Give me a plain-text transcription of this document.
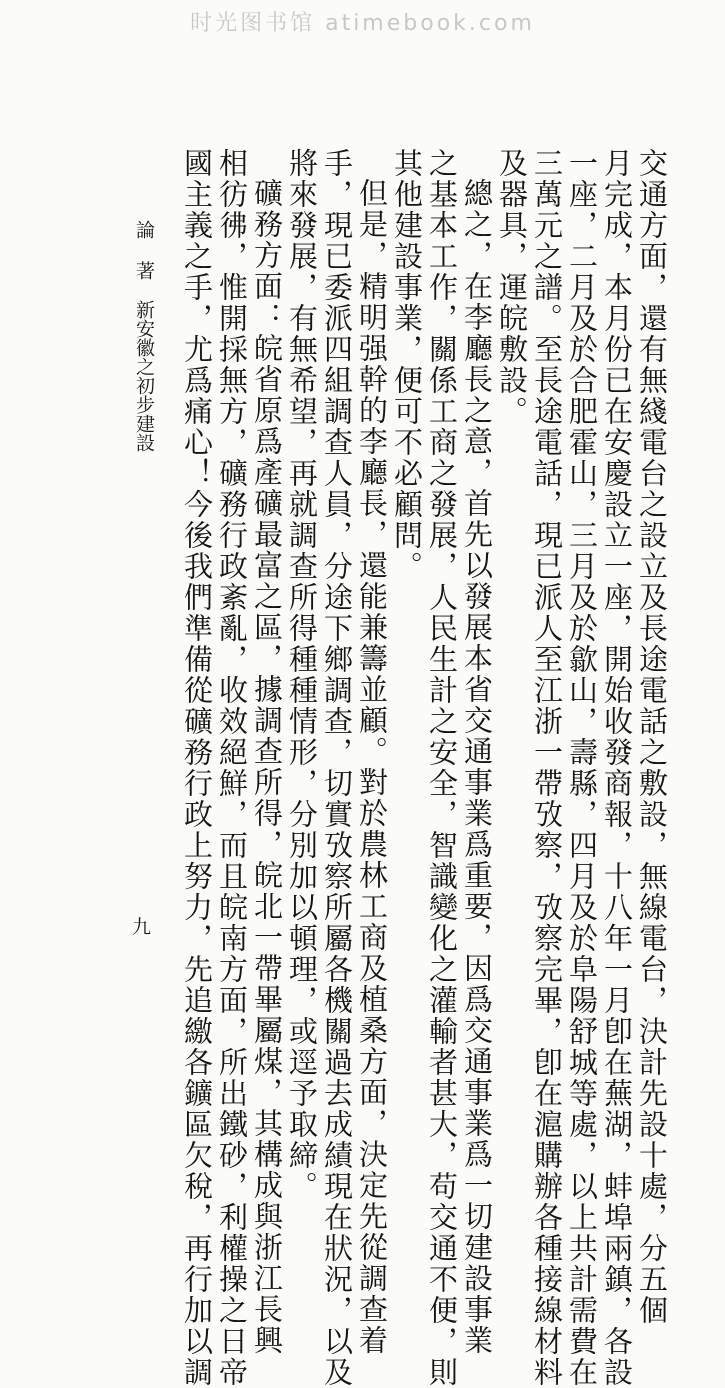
时光图书馆 atimebook.com
交通方面，還有無綫電台之設立及長途電話之敷設，無線電台，決計先設十處，分五個
月完成，本月份已在安慶設立一座，開始收發商報，十八年一月卽在蕪湖，蚌埠兩鎮，各設
一座，二月及於合肥霍山，三月及於歙山，壽縣，四月及於阜陽舒城等處，以上共計需費在
三萬元之譜。至長途電話，現已派人至江浙一帶攷察，攷察完畢，卽在滬購辦各種接線材料
及器具，運皖敷設。
總之，在李廳長之意，首先以發展本省交通事業爲重要，因爲交通事業爲一切建設事業
之基本工作，關係工商之發展，人民生計之安全，智識變化之灌輸者甚大，苟交通不便，則
其他建設事業，便可不必顧問。
但是，精明强幹的李廳長，還能兼籌並顧。對於農林工商及植桑方面，決定先從調查着
手，現已委派四組調查人員，分途下鄉調查，切實攷察所屬各機關過去成績現在狀況，以及
將來發展，有無希望，再就調查所得種種情形，分別加以頓理，或逕予取締。
礦務方面：皖省原爲產礦最富之區，據調查所得，皖北一帶畢屬煤，其構成與浙江長興
相彷彿，惟開採無方，礦務行政紊亂，收效絕鮮，而且皖南方面，所出鐵砂，利權操之日帝
國主義之手，尤爲痛心！今後我們準備從礦務行政上努力，先追繳各鑛區欠稅，再行加以調
論 著
新安徽之初步建設
九
